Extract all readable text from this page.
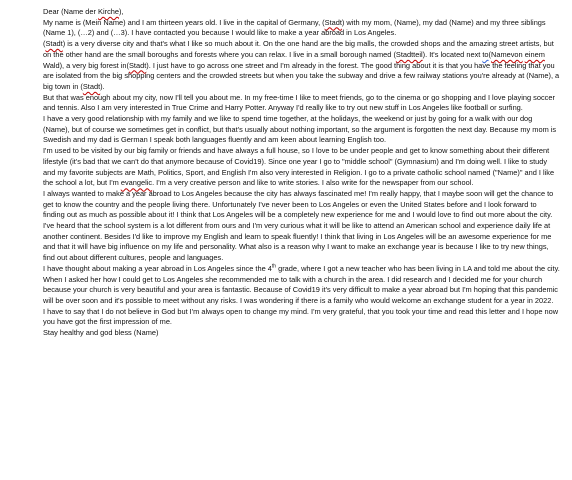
Dear (Name der Kirche),

My name is (Mein Name) and I am thirteen years old. I live in the capital of Germany, (Stadt) with my mom, (Name), my dad (Name) and my three siblings (Name 1), (…2) and (…3). I have contacted you because I would like to make a year abroad in Los Angeles.

(Stadt) is a very diverse city and that's what I like so much about it. On the one hand are the big malls, the crowded shops and the amazing street artists, but on the other hand are the small boroughs and forests where you can relax. I live in a small borough named (Stadtteil). It's located next to(Namevon einem Wald), a very big forest in(Stadt). I just have to go across one street and I'm already in the forest. The good thing about it is that you have the feeling that you are isolated from the big shopping centers and the crowded streets but when you take the subway and drive a few railway stations you're already at (Name), a big town in (Stadt).

But that was enough about my city, now I'll tell you about me. In my free-time I like to meet friends, go to the cinema or go shopping and I love playing soccer and tennis. Also I am very interested in True Crime and Harry Potter. Anyway I'd really like to try out new stuff in Los Angeles like football or surfing.

I have a very good relationship with my family and we like to spend time together, at the holidays, the weekend or just by going for a walk with our dog (Name), but of course we sometimes get in conflict, but that's usually about nothing important, so the argument is forgotten the next day. Because my mom is Swedish and my dad is German I speak both languages fluently and am keen about learning English too.

I'm used to be visited by our big family or friends and have always a full house, so I love to be under people and get to know something about their different lifestyle (it's bad that we can't do that anymore because of Covid19). Since one year I go to "middle school" (Gymnasium) and I'm doing well. I like to study and my favorite subjects are Math, Politics, Sport, and English I'm also very interested in Religion. I go to a private catholic school named ("Name)" and I like the school a lot, but I'm evangelic. I'm a very creative person and like to write stories. I also write for the newspaper from our school.

I always wanted to make a year abroad to Los Angeles because the city has always fascinated me! I'm really happy, that I maybe soon will get the chance to get to know the country and the people living there. Unfortunately I've never been to Los Angeles or even the United States before and I look forward to finding out as much as possible about it! I think that Los Angeles will be a completely new experience for me and I would love to find out more about the city. I've heard that the school system is a lot different from ours and I'm very curious what it will be like to attend an American school and experience daily life at another continent. Besides I'd like to improve my English and learn to speak fluently! I think that living in Los Angeles will be an awesome experience for me and that it will have big influence on my life and personality. What also is a reason why I want to make an exchange year is because I like to try new things, find out about different cultures, people and languages.

I have thought about making a year abroad in Los Angeles since the 4th grade, where I got a new teacher who has been living in LA and told me about the city. When I asked her how I could get to Los Angeles she recommended me to talk with a church in the area. I did research and I decided me for your church because your church is very beautiful and your area is fantastic. Because of Covid19 it's very difficult to make a year abroad but I'm hoping that this pandemic will be over soon and it's possible to meet without any risks. I was wondering if there is a family who would welcome an exchange student for a year in 2022.

I have to say that I do not believe in God but I'm always open to change my mind. I'm very grateful, that you took your time and read this letter and I hope now you have got the first impression of me.

Stay healthy and god bless (Name)
